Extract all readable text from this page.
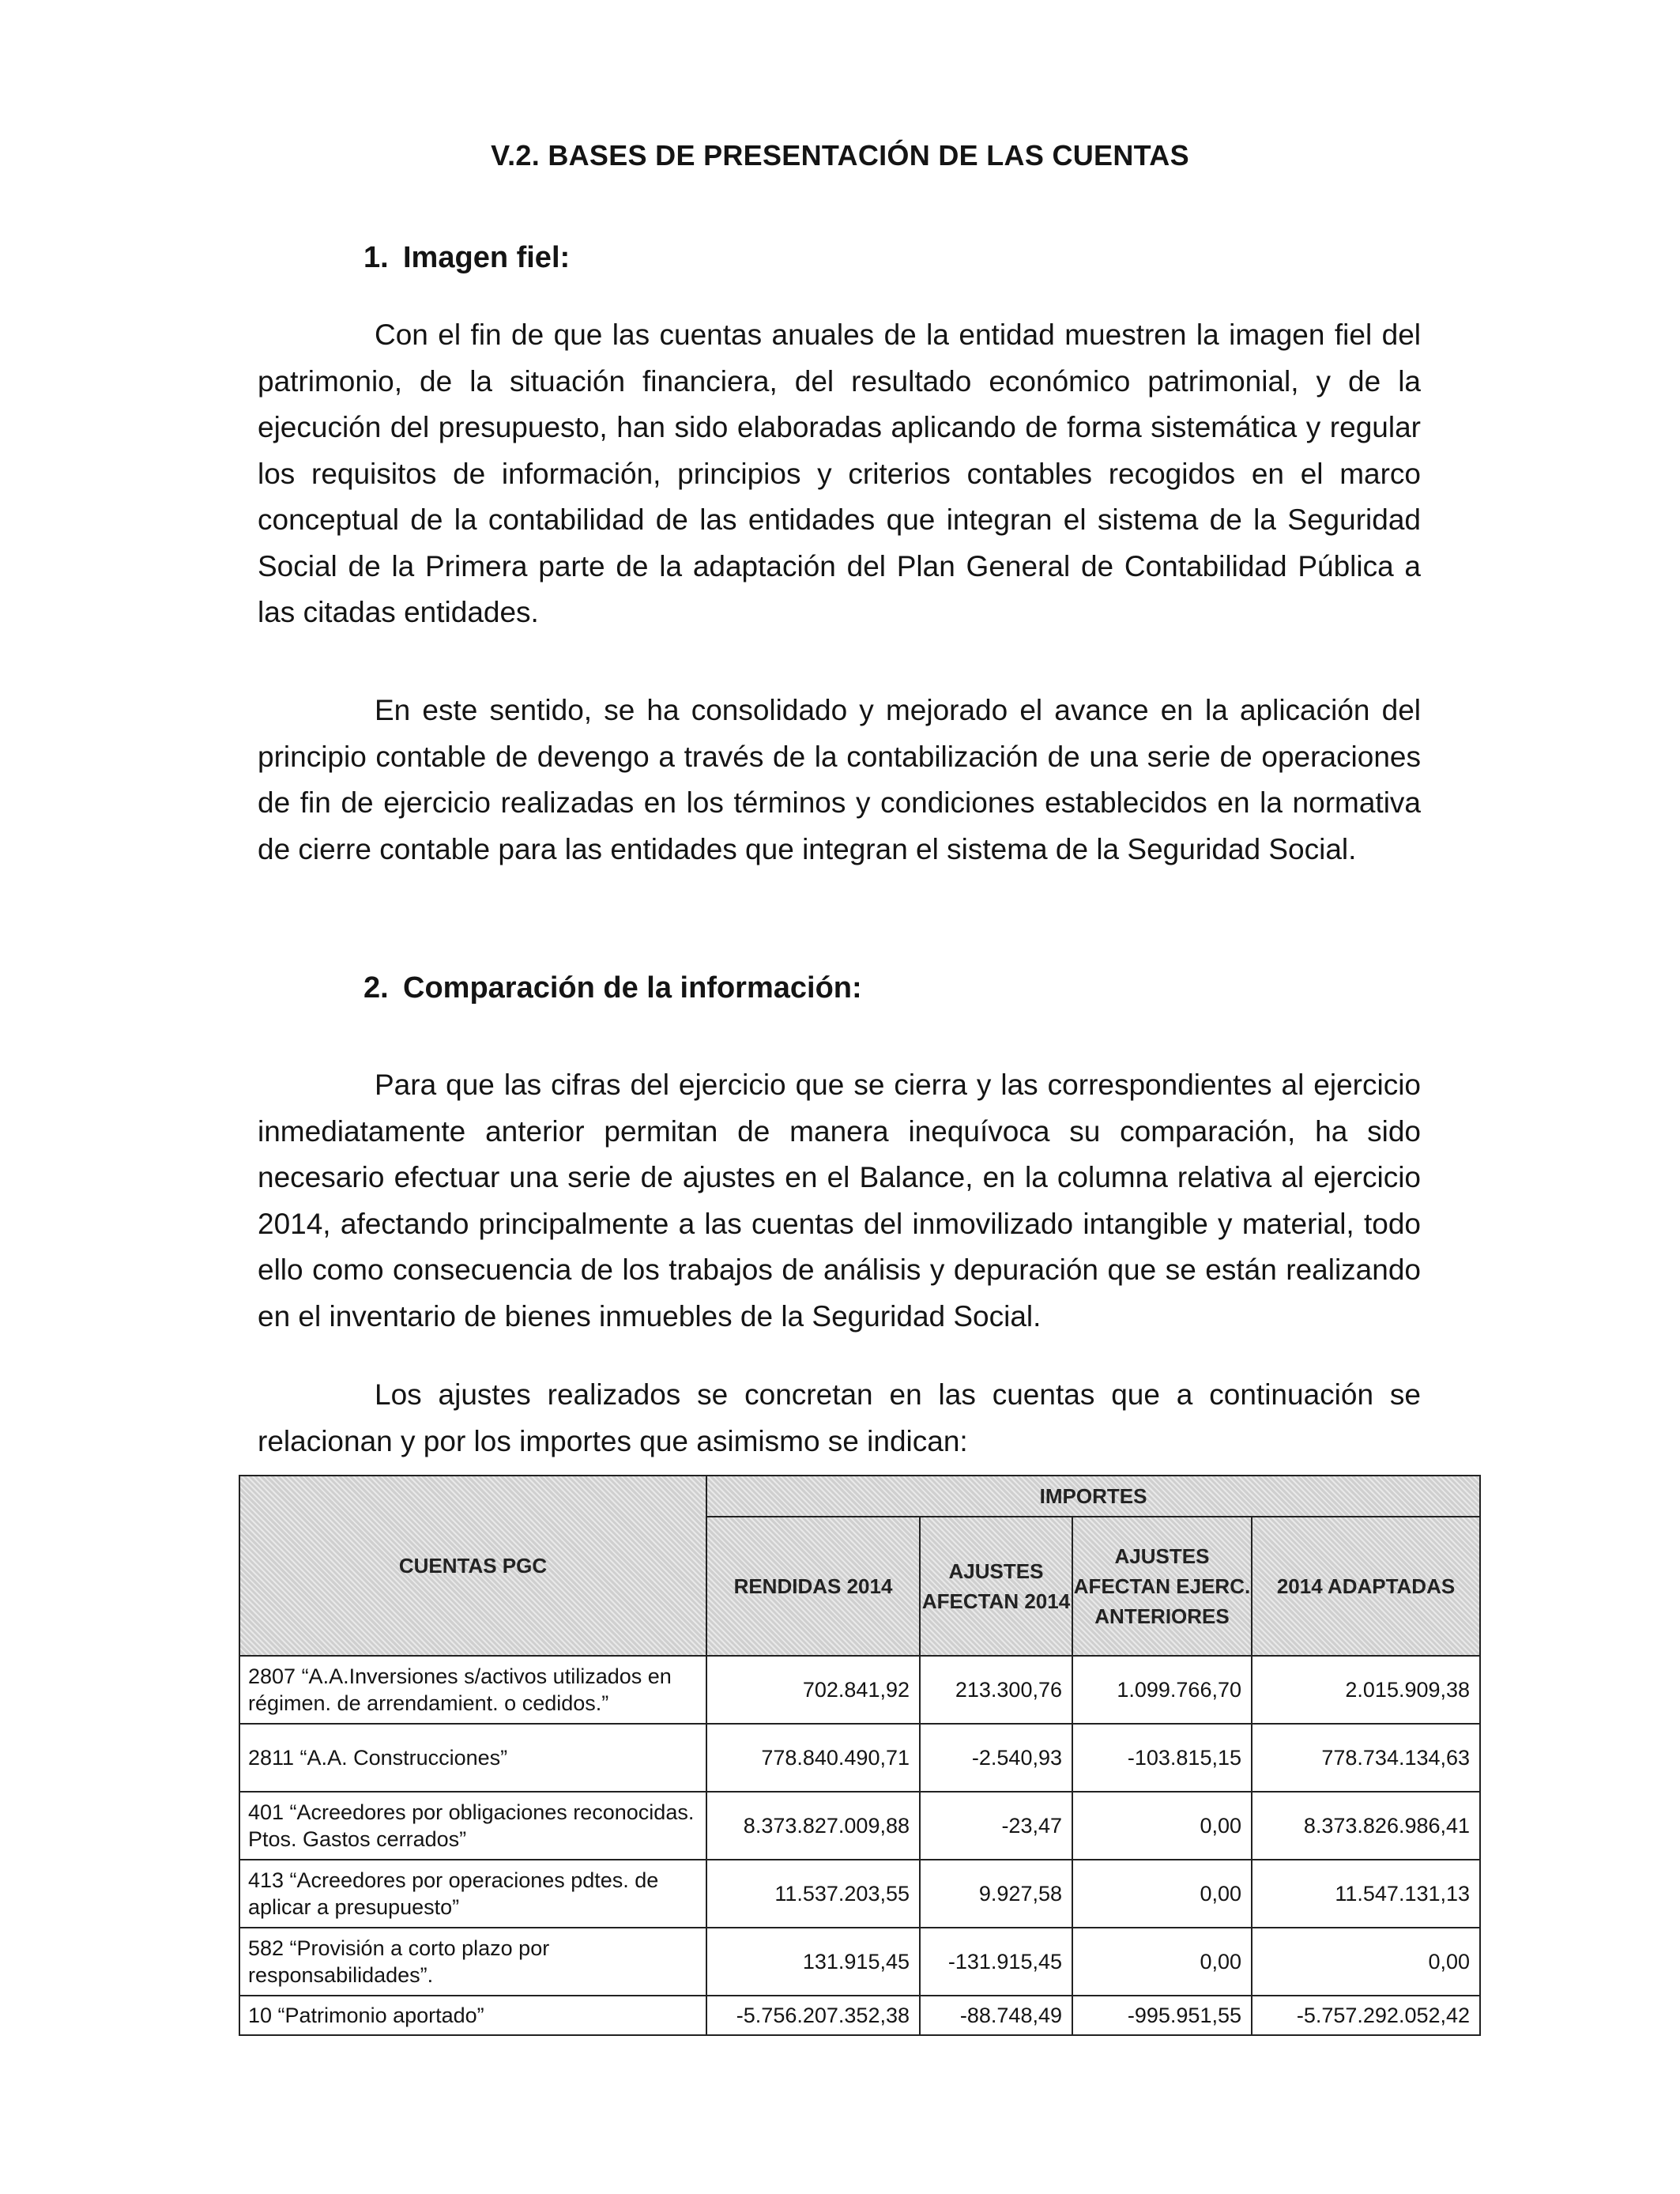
V.2. BASES DE PRESENTACIÓN DE LAS CUENTAS
1. Imagen fiel:

Con el fin de que las cuentas anuales de la entidad muestren la imagen fiel del patrimonio, de la situación financiera, del resultado económico patrimonial, y de la ejecución del presupuesto, han sido elaboradas aplicando de forma sistemática y regular los requisitos de información, principios y criterios contables recogidos en el marco conceptual de la contabilidad de las entidades que integran el sistema de la Seguridad Social de la Primera parte de la adaptación del Plan General de Contabilidad Pública a las citadas entidades.

En este sentido, se ha consolidado y mejorado el avance en la aplicación del principio contable de devengo a través de la contabilización de una serie de operaciones de fin de ejercicio realizadas en los términos y condiciones establecidos en la normativa de cierre contable para las entidades que integran el sistema de la Seguridad Social.

2. Comparación de la información:

Para que las cifras del ejercicio que se cierra y las correspondientes al ejercicio inmediatamente anterior permitan de manera inequívoca su comparación, ha sido necesario efectuar una serie de ajustes en el Balance, en la columna relativa al ejercicio 2014, afectando principalmente a las cuentas del inmovilizado intangible y material, todo ello como consecuencia de los trabajos de análisis y depuración que se están realizando en el inventario de bienes inmuebles de la Seguridad Social.

Los ajustes realizados se concretan en las cuentas que a continuación se relacionan y por los importes que asimismo se indican:

CUENTAS PGC	IMPORTES			
	RENDIDAS 2014	AJUSTES AFECTAN 2014	AJUSTES AFECTAN EJERC. ANTERIORES	2014 ADAPTADAS
2807 “A.A.Inversiones s/activos utilizados en régimen. de arrendamient. o cedidos.”	702.841,92	213.300,76	1.099.766,70	2.015.909,38
2811 “A.A. Construcciones”	778.840.490,71	-2.540,93	-103.815,15	778.734.134,63
401 “Acreedores por obligaciones reconocidas. Ptos. Gastos cerrados”	8.373.827.009,88	-23,47	0,00	8.373.826.986,41
413 “Acreedores por operaciones pdtes. de aplicar a presupuesto”	11.537.203,55	9.927,58	0,00	11.547.131,13
582 “Provisión a corto plazo por responsabilidades”.	131.915,45	-131.915,45	0,00	0,00
10 “Patrimonio aportado”	-5.756.207.352,38	-88.748,49	-995.951,55	-5.757.292.052,42
